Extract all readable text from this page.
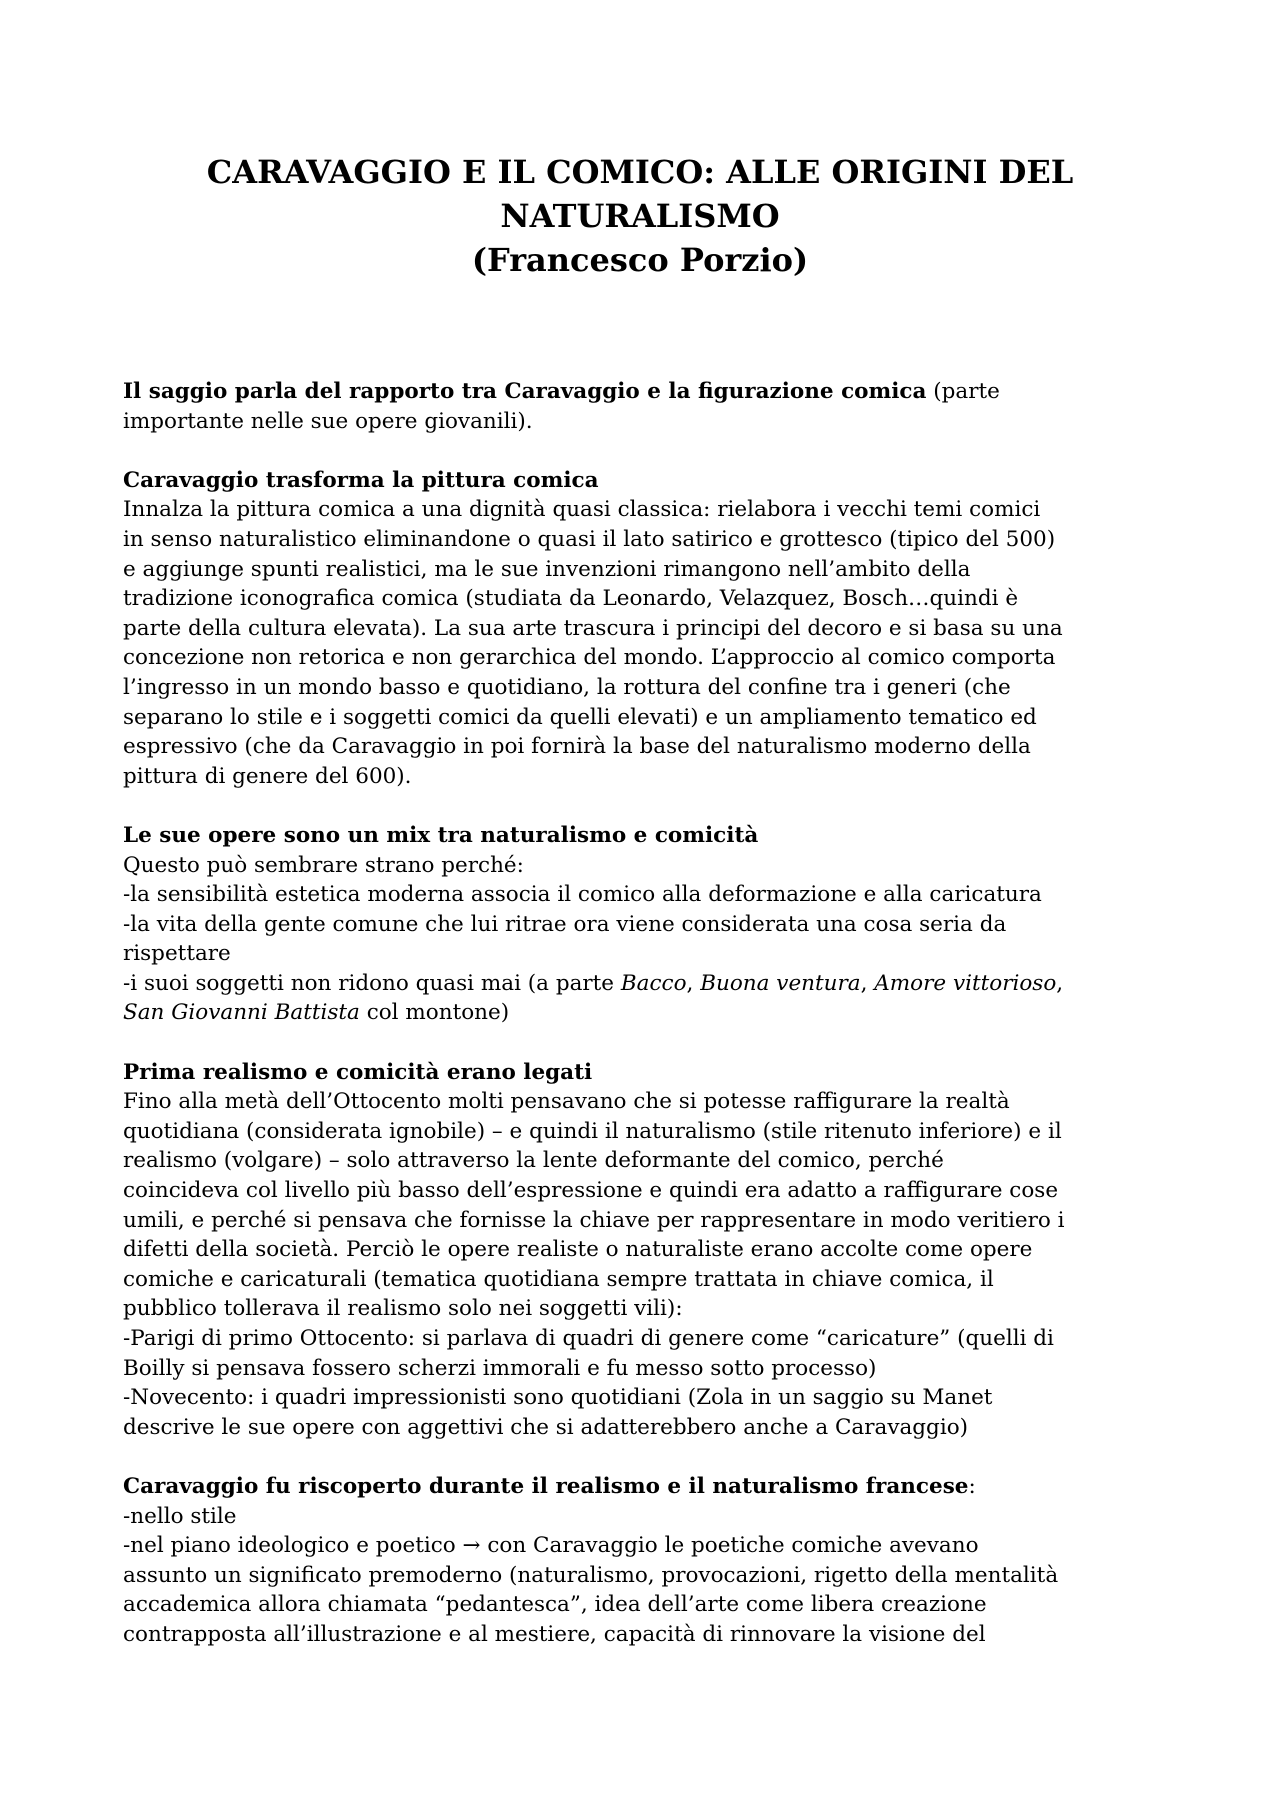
CARAVAGGIO E IL COMICO: ALLE ORIGINI DEL
NATURALISMO
(Francesco Porzio)
Il saggio parla del rapporto tra Caravaggio e la figurazione comica (parte
importante nelle sue opere giovanili).
Caravaggio trasforma la pittura comica
Innalza la pittura comica a una dignità quasi classica: rielabora i vecchi temi comici
in senso naturalistico eliminandone o quasi il lato satirico e grottesco (tipico del 500)
e aggiunge spunti realistici, ma le sue invenzioni rimangono nell’ambito della
tradizione iconografica comica (studiata da Leonardo, Velazquez, Bosch…quindi è
parte della cultura elevata). La sua arte trascura i principi del decoro e si basa su una
concezione non retorica e non gerarchica del mondo. L’approccio al comico comporta
l’ingresso in un mondo basso e quotidiano, la rottura del confine tra i generi (che
separano lo stile e i soggetti comici da quelli elevati) e un ampliamento tematico ed
espressivo (che da Caravaggio in poi fornirà la base del naturalismo moderno della
pittura di genere del 600).
Le sue opere sono un mix tra naturalismo e comicità
Questo può sembrare strano perché:
-la sensibilità estetica moderna associa il comico alla deformazione e alla caricatura
-la vita della gente comune che lui ritrae ora viene considerata una cosa seria da
rispettare
-i suoi soggetti non ridono quasi mai (a parte Bacco, Buona ventura, Amore vittorioso,
San Giovanni Battista col montone)
Prima realismo e comicità erano legati
Fino alla metà dell’Ottocento molti pensavano che si potesse raffigurare la realtà
quotidiana (considerata ignobile) – e quindi il naturalismo (stile ritenuto inferiore) e il
realismo (volgare) – solo attraverso la lente deformante del comico, perché
coincideva col livello più basso dell’espressione e quindi era adatto a raffigurare cose
umili, e perché si pensava che fornisse la chiave per rappresentare in modo veritiero i
difetti della società. Perciò le opere realiste o naturaliste erano accolte come opere
comiche e caricaturali (tematica quotidiana sempre trattata in chiave comica, il
pubblico tollerava il realismo solo nei soggetti vili):
-Parigi di primo Ottocento: si parlava di quadri di genere come “caricature” (quelli di
Boilly si pensava fossero scherzi immorali e fu messo sotto processo)
-Novecento: i quadri impressionisti sono quotidiani (Zola in un saggio su Manet
descrive le sue opere con aggettivi che si adatterebbero anche a Caravaggio)
Caravaggio fu riscoperto durante il realismo e il naturalismo francese:
-nello stile
-nel piano ideologico e poetico → con Caravaggio le poetiche comiche avevano
assunto un significato premoderno (naturalismo, provocazioni, rigetto della mentalità
accademica allora chiamata “pedantesca”, idea dell’arte come libera creazione
contrapposta all’illustrazione e al mestiere, capacità di rinnovare la visione del
